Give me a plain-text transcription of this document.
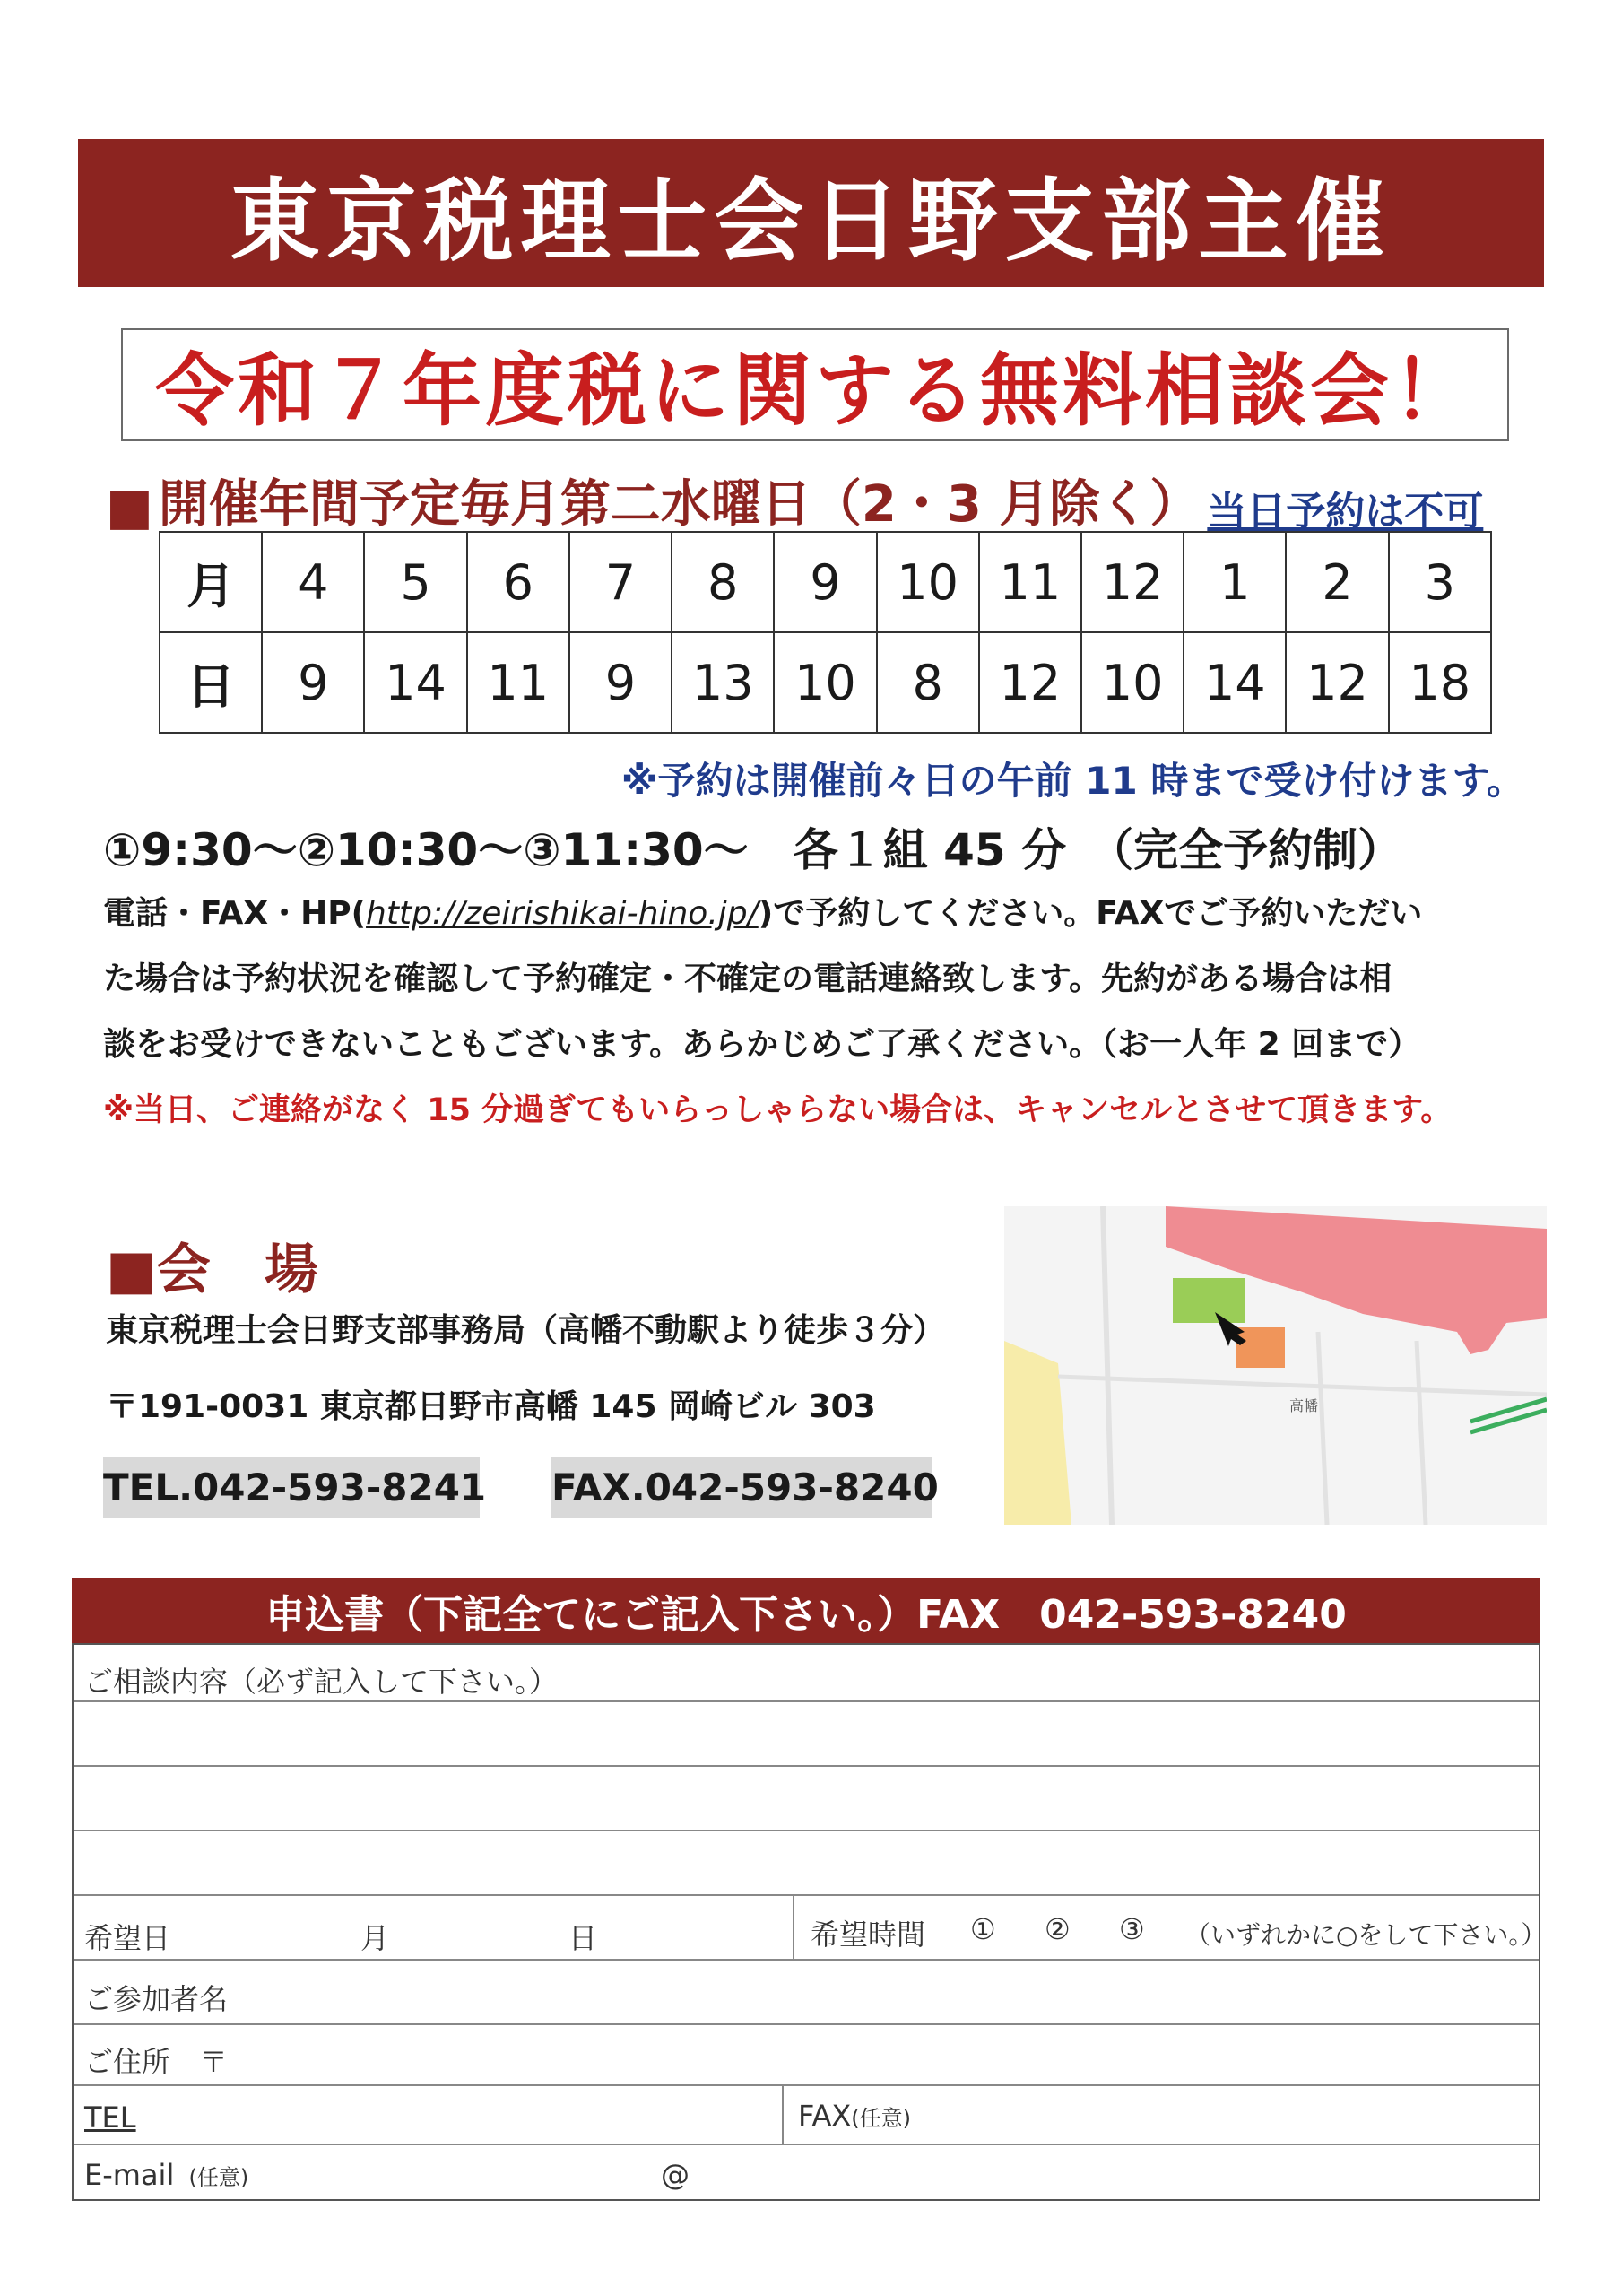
東京税理士会日野支部主催
令和７年度税に関する無料相談会！
■ 開催年間予定毎月第二水曜日（2・3 月除く） 当日予約は不可
月	4	5	6	7	8	9	10	11	12	1	2	3
日	9	14	11	9	13	10	8	12	10	14	12	18
※予約は開催前々日の午前 11 時まで受け付けます。
①9:30～②10:30～③11:30～　各１組 45 分　（完全予約制）
電話・FAX・HP(http://zeirishikai-hino.jp/)で予約してください。FAXでご予約いただい
た場合は予約状況を確認して予約確定・不確定の電話連絡致します。先約がある場合は相
談をお受けできないこともございます。あらかじめご了承ください。（お一人年 2 回まで）
※当日、ご連絡がなく 15 分過ぎてもいらっしゃらない場合は、キャンセルとさせて頂きます。
■会　場
東京税理士会日野支部事務局（高幡不動駅より徒歩３分）
〒191-0031 東京都日野市高幡 145 岡崎ビル 303
TEL.042-593-8241 FAX.042-593-8240
高幡
申込書（下記全てにご記入下さい。）FAX　042-593-8240
ご相談内容（必ず記入して下さい。）
希望日	月	日	希望時間 ① ② ③ （いずれかに○をして下さい。）
ご参加者名
ご住所　〒
TEL	FAX(任意)
E-mail (任意)	@
